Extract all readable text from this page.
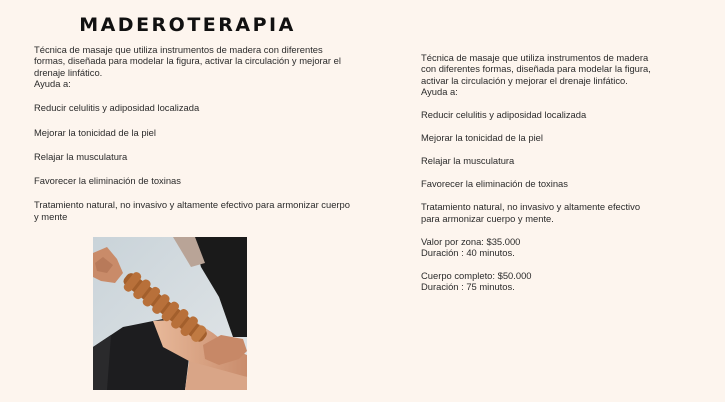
MADEROTERAPIA

Técnica de masaje que utiliza instrumentos de madera con diferentes formas, diseñada para modelar la figura, activar la circulación y mejorar el drenaje linfático.

Ayuda a:

Reducir celulitis y adiposidad localizada

Mejorar la tonicidad de la piel

Relajar la musculatura

Favorecer la eliminación de toxinas

Tratamiento natural, no invasivo y altamente efectivo para armonizar cuerpo y mente

Técnica de masaje que utiliza instrumentos de madera con diferentes formas, diseñada para modelar la figura, activar la circulación y mejorar el drenaje linfático.

Ayuda a:

Reducir celulitis y adiposidad localizada

Mejorar la tonicidad de la piel

Relajar la musculatura

Favorecer la eliminación de toxinas

Tratamiento natural, no invasivo y altamente efectivo para armonizar cuerpo y mente.

Valor por zona: $35.000

Duración : 40 minutos.

Cuerpo completo: $50.000

Duración : 75 minutos.
